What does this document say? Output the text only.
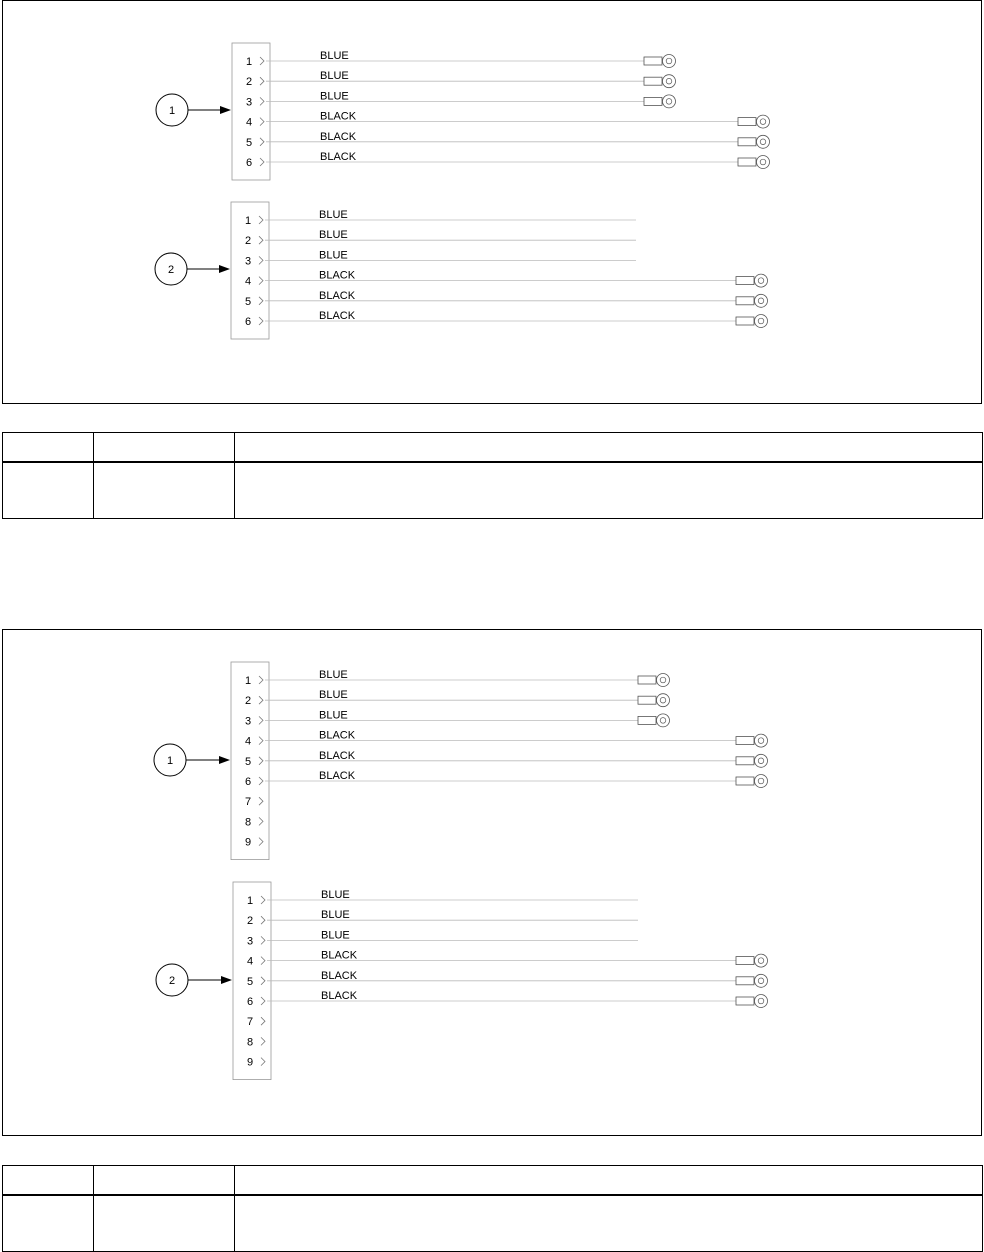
1
1
2
3
4
5
6
BLUE
BLUE
BLUE
BLACK
BLACK
BLACK
2
1
2
3
4
5
6
BLUE
BLUE
BLUE
BLACK
BLACK
BLACK
1
1
2
3
4
5
6
7
8
9
BLUE
BLUE
BLUE
BLACK
BLACK
BLACK
2
1
2
3
4
5
6
7
8
9
BLUE
BLUE
BLUE
BLACK
BLACK
BLACK
